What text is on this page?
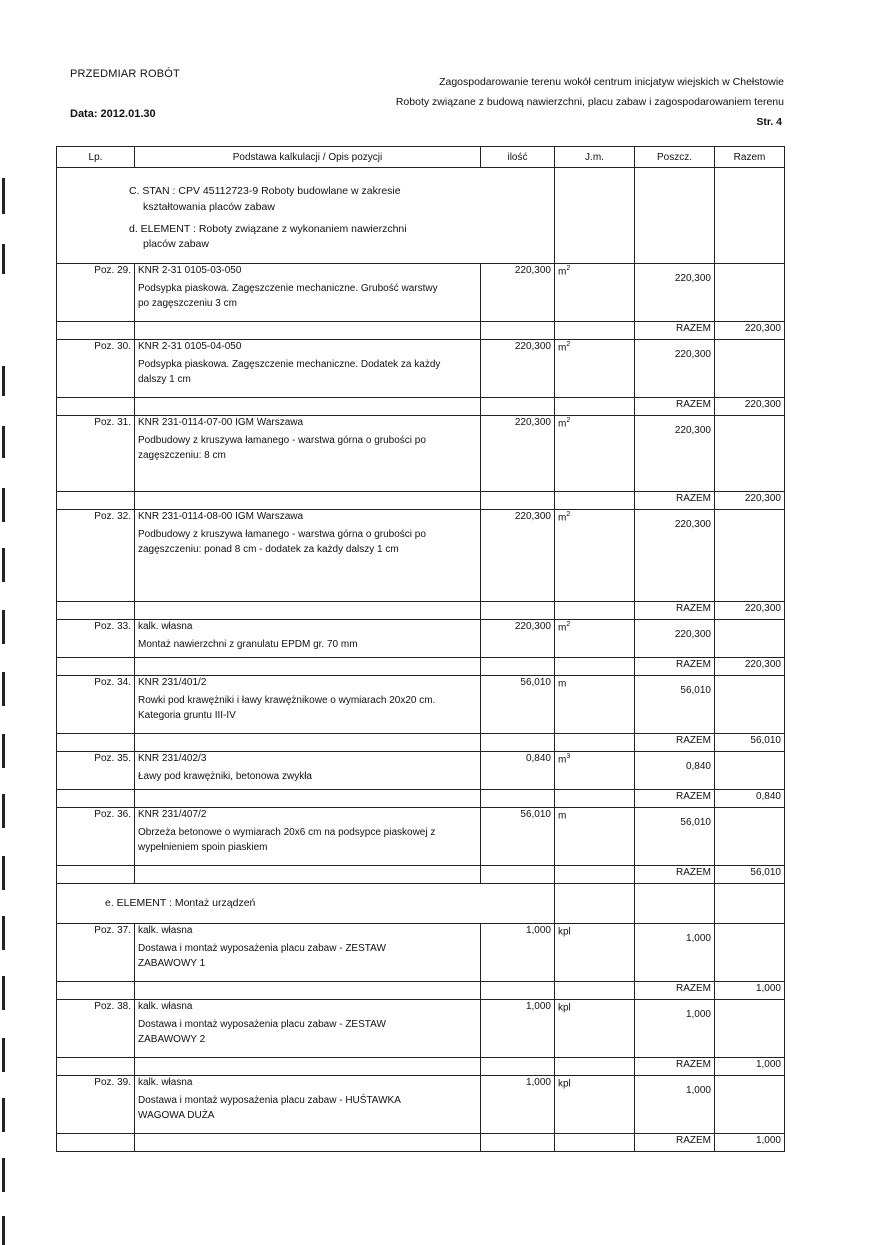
PRZEDMIAR ROBÓT
Data: 2012.01.30
Zagospodarowanie terenu wokół centrum inicjatyw wiejskich w Chełstowie
Roboty związane z budową nawierzchni, placu zabaw i zagospodarowaniem terenu
Str. 4
Lp.	Podstawa kalkulacji / Opis pozycji	ilość	J.m.	Poszcz.	Razem

C. STAN : CPV 45112723-9 Roboty budowlane w zakresie
kształtowania placów zabaw

d. ELEMENT : Roboty związane z wykonaniem nawierzchni
placów zabaw					

Poz. 29.	KNR 2-31 0105-03-050
Podsypka piaskowa. Zagęszczenie mechaniczne. Grubość warstwy
po zagęszczeniu 3 cm	220,300	$m^2$	220,300	

				RAZEM	220,300
Poz. 30.	KNR 2-31 0105-04-050
Podsypka piaskowa. Zagęszczenie mechaniczne. Dodatek za każdy
dalszy 1 cm	220,300	$m^2$	220,300	

				RAZEM	220,300
Poz. 31.	KNR 231-0114-07-00 IGM Warszawa
Podbudowy z kruszywa łamanego - warstwa górna o grubości po
zagęszczeniu: 8 cm	220,300	$m^2$	220,300	

				RAZEM	220,300
Poz. 32.	KNR 231-0114-08-00 IGM Warszawa
Podbudowy z kruszywa łamanego - warstwa górna o grubości po
zagęszczeniu: ponad 8 cm - dodatek za każdy dalszy 1 cm	220,300	$m^2$	220,300	

				RAZEM	220,300
Poz. 33.	kalk. własna
Montaż nawierzchni z granulatu EPDM gr. 70 mm	220,300	$m^2$	220,300	

				RAZEM	220,300
Poz. 34.	KNR 231/401/2
Rowki pod krawężniki i ławy krawężnikowe o wymiarach 20x20 cm.
Kategoria gruntu III-IV	56,010	m	56,010	

				RAZEM	56,010
Poz. 35.	KNR 231/402/3
Ławy pod krawężniki, betonowa zwykła	0,840	$m^3$	0,840	

				RAZEM	0,840
Poz. 36.	KNR 231/407/2
Obrzeża betonowe o wymiarach 20x6 cm na podsypce piaskowej z
wypełnieniem spoin piaskiem	56,010	m	56,010	

				RAZEM	56,010
e. ELEMENT : Montaż urządzeń					
Poz. 37.	kalk. własna
Dostawa i montaż wyposażenia placu zabaw - ZESTAW
ZABAWOWY 1	1,000	kpl	1,000	

				RAZEM	1,000
Poz. 38.	kalk. własna
Dostawa i montaż wyposażenia placu zabaw - ZESTAW
ZABAWOWY 2	1,000	kpl	1,000	

				RAZEM	1,000
Poz. 39.	kalk. własna
Dostawa i montaż wyposażenia placu zabaw - HUŚTAWKA
WAGOWA DUŻA	1,000	kpl	1,000	

				RAZEM	1,000
